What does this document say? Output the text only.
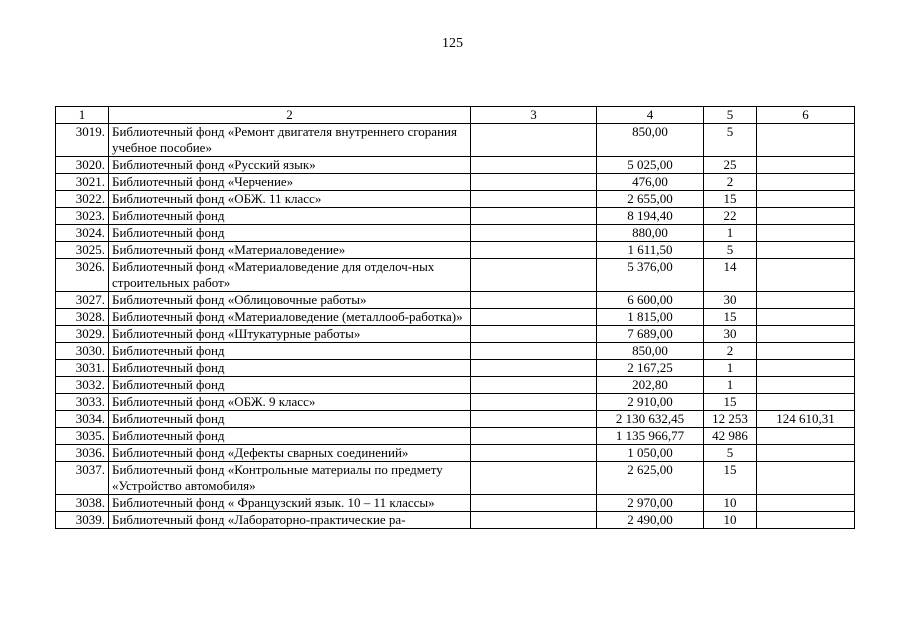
125
1	2	3	4	5	6
3019.	Библиотечный фонд «Ремонт двигателя внутреннего сгорания учебное пособие»		850,00	5	
3020.	Библиотечный фонд «Русский язык»		5 025,00	25	
3021.	Библиотечный фонд «Черчение»		476,00	2	
3022.	Библиотечный фонд «ОБЖ. 11 класс»		2 655,00	15	
3023.	Библиотечный фонд		8 194,40	22	
3024.	Библиотечный фонд		880,00	1	
3025.	Библиотечный фонд «Материаловедение»		1 611,50	5	
3026.	Библиотечный фонд «Материаловедение для отделоч-ных строительных работ»		5 376,00	14	
3027.	Библиотечный фонд «Облицовочные работы»		6 600,00	30	
3028.	Библиотечный фонд «Материаловедение (металлооб-работка)»		1 815,00	15	
3029.	Библиотечный фонд «Штукатурные работы»		7 689,00	30	
3030.	Библиотечный фонд		850,00	2	
3031.	Библиотечный фонд		2 167,25	1	
3032.	Библиотечный фонд		202,80	1	
3033.	Библиотечный фонд «ОБЖ. 9 класс»		2 910,00	15	
3034.	Библиотечный фонд		2 130 632,45	12 253	124 610,31
3035.	Библиотечный фонд		1 135 966,77	42 986	
3036.	Библиотечный фонд «Дефекты сварных соединений»		1 050,00	5	
3037.	Библиотечный фонд «Контрольные материалы по предмету «Устройство автомобиля»		2 625,00	15	
3038.	Библиотечный фонд « Французский язык. 10 – 11 классы»		2 970,00	10	
3039.	Библиотечный фонд «Лабораторно-практические ра-		2 490,00	10	
